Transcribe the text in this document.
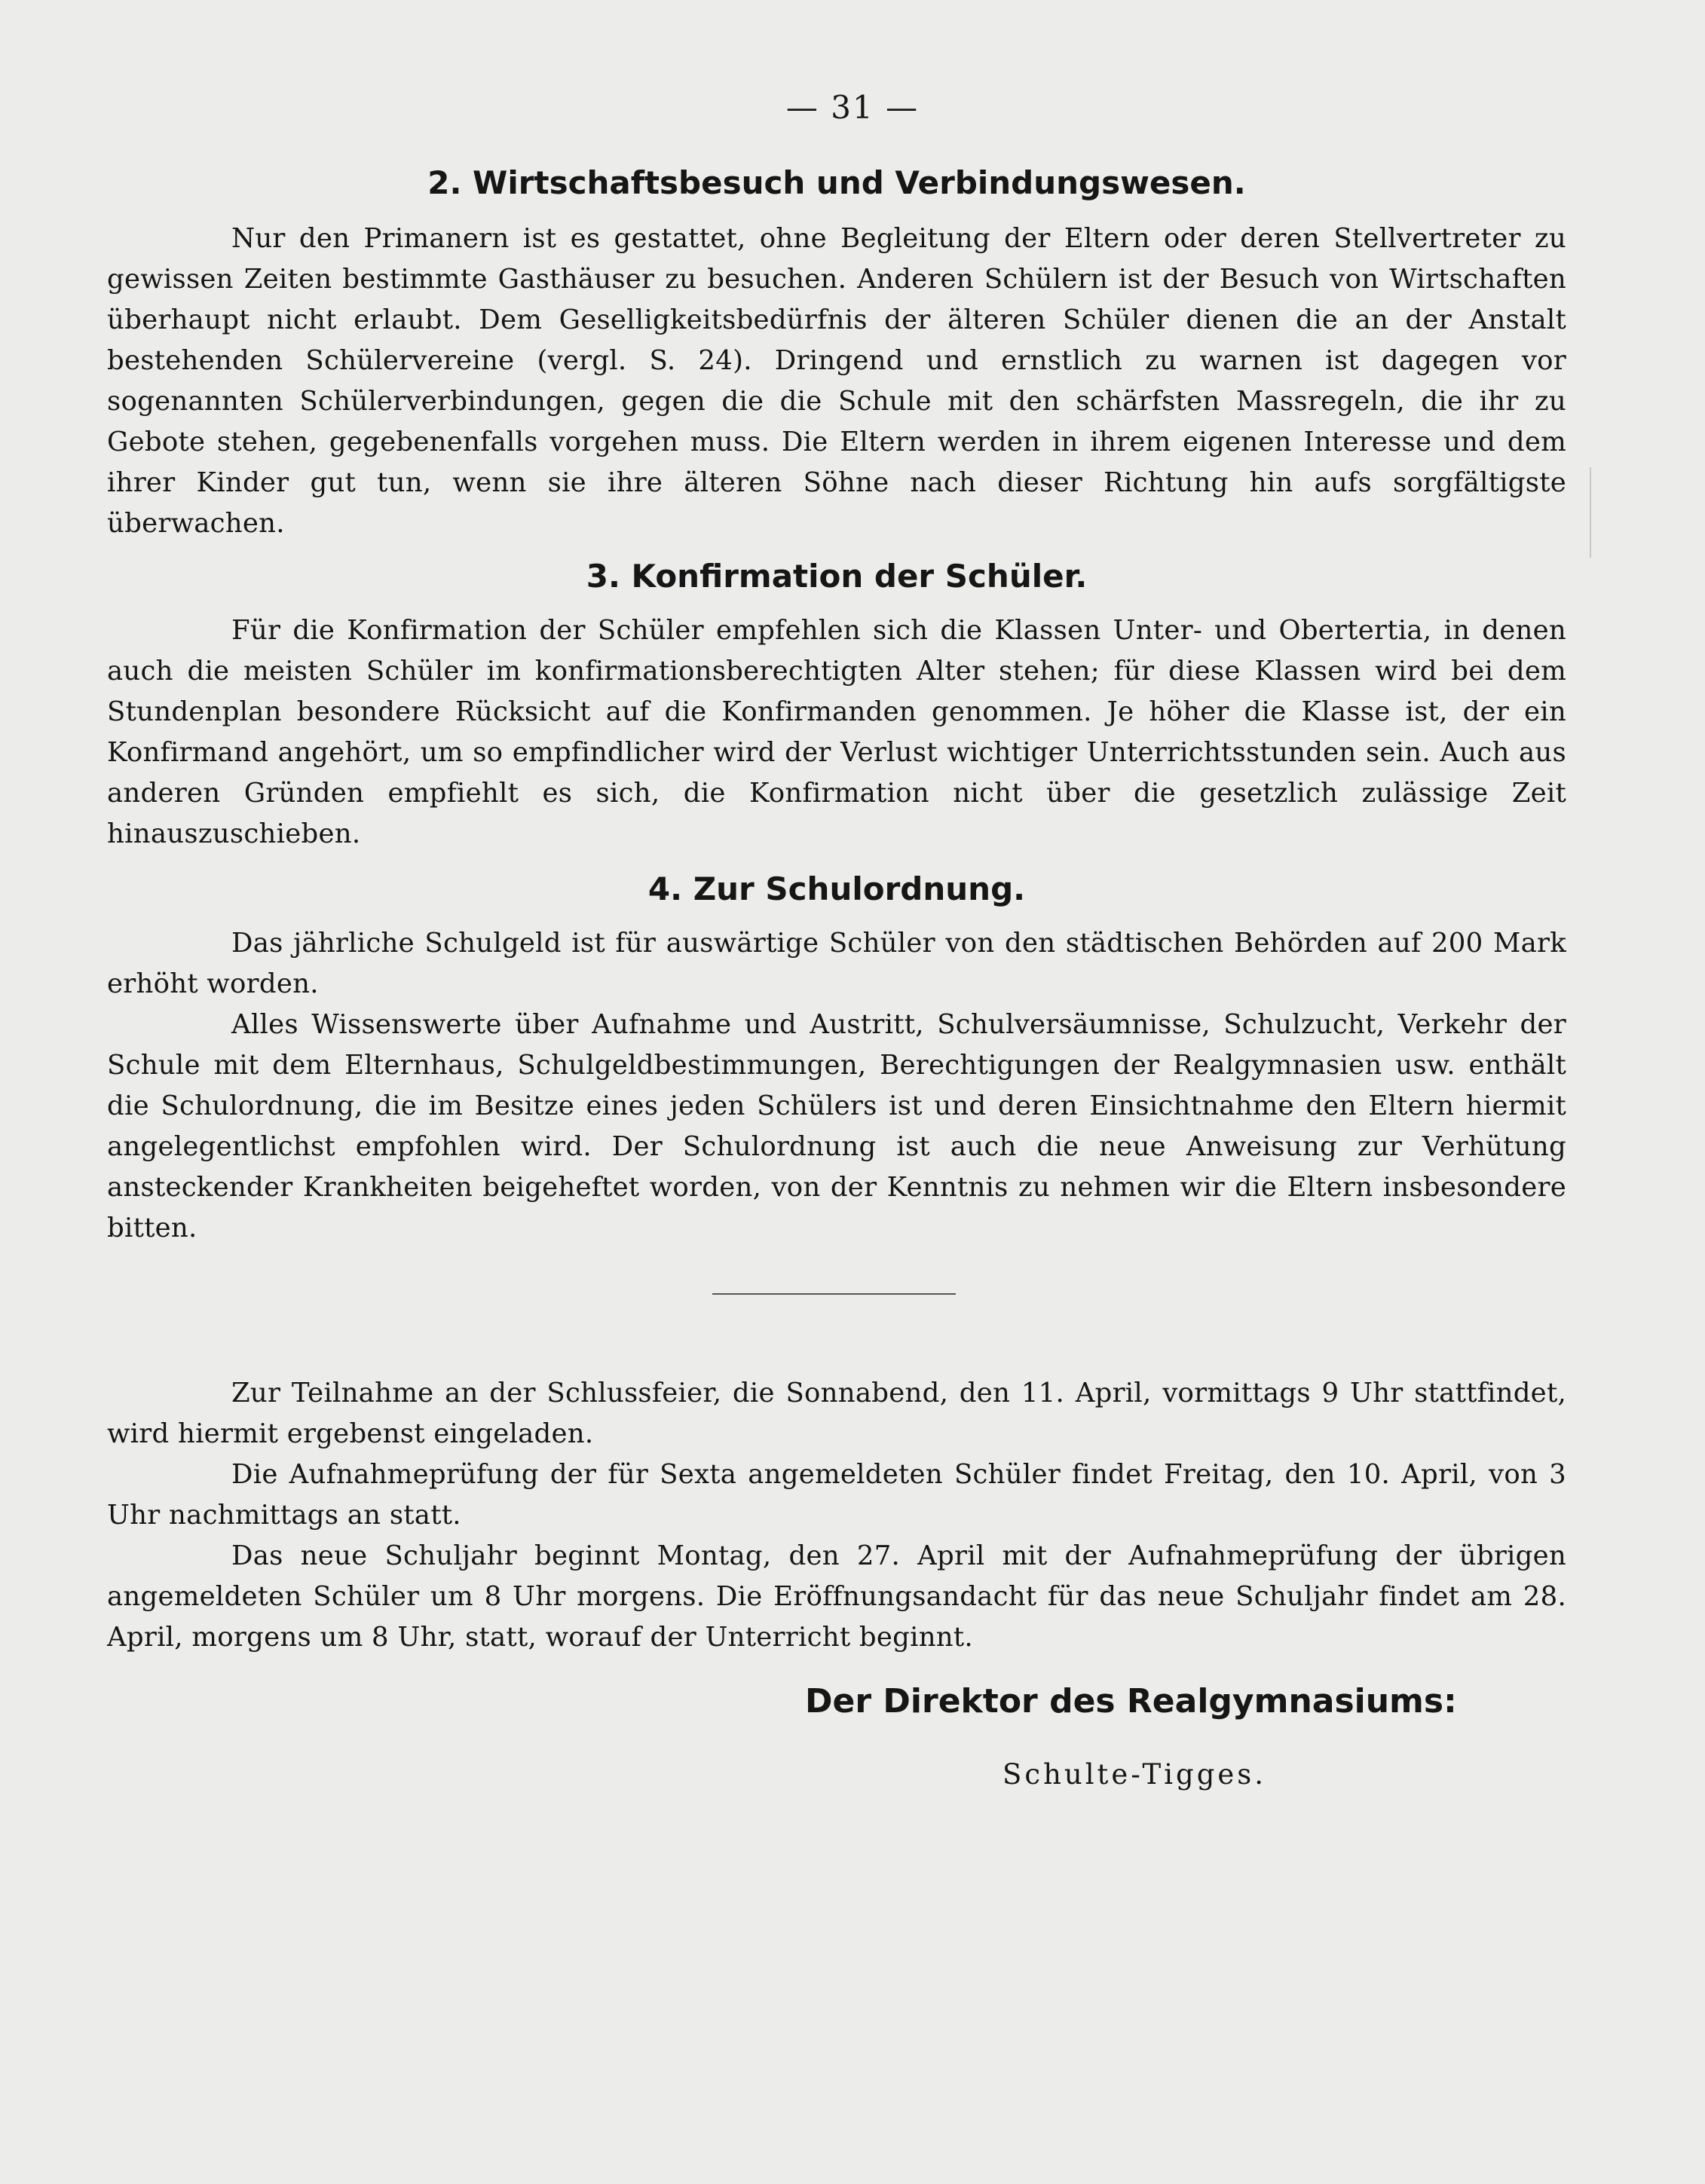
— 31 —
2. Wirtschaftsbesuch und Verbindungswesen.

Nur den Primanern ist es gestattet, ohne Begleitung der Eltern oder deren Stellvertreter zu gewissen Zeiten bestimmte Gasthäuser zu besuchen. Anderen Schülern ist der Besuch von Wirtschaften überhaupt nicht erlaubt. Dem Geselligkeitsbedürfnis der älteren Schüler dienen die an der Anstalt bestehenden Schülervereine (vergl. S. 24). Dringend und ernstlich zu warnen ist dagegen vor sogenannten Schülerverbindungen, gegen die die Schule mit den schärfsten Massregeln, die ihr zu Gebote stehen, gegebenenfalls vorgehen muss. Die Eltern werden in ihrem eigenen Interesse und dem ihrer Kinder gut tun, wenn sie ihre älteren Söhne nach dieser Richtung hin aufs sorgfältigste überwachen.

3. Konfirmation der Schüler.

Für die Konfirmation der Schüler empfehlen sich die Klassen Unter- und Obertertia, in denen auch die meisten Schüler im konfirmationsberechtigten Alter stehen; für diese Klassen wird bei dem Stundenplan besondere Rücksicht auf die Konfirmanden genommen. Je höher die Klasse ist, der ein Konfirmand angehört, um so empfindlicher wird der Verlust wichtiger Unterrichtsstunden sein. Auch aus anderen Gründen empfiehlt es sich, die Konfirmation nicht über die gesetzlich zulässige Zeit hinauszuschieben.

4. Zur Schulordnung.

Das jährliche Schulgeld ist für auswärtige Schüler von den städtischen Behörden auf 200 Mark erhöht worden.

Alles Wissenswerte über Aufnahme und Austritt, Schulversäumnisse, Schulzucht, Verkehr der Schule mit dem Elternhaus, Schulgeldbestimmungen, Berechtigungen der Realgymnasien usw. enthält die Schulordnung, die im Besitze eines jeden Schülers ist und deren Einsichtnahme den Eltern hiermit angelegentlichst empfohlen wird. Der Schulordnung ist auch die neue Anweisung zur Verhütung ansteckender Krankheiten beigeheftet worden, von der Kenntnis zu nehmen wir die Eltern insbesondere bitten.

Zur Teilnahme an der Schlussfeier, die Sonnabend, den 11. April, vormittags 9 Uhr stattfindet, wird hiermit ergebenst eingeladen.

Die Aufnahmeprüfung der für Sexta angemeldeten Schüler findet Freitag, den 10. April, von 3 Uhr nachmittags an statt.

Das neue Schuljahr beginnt Montag, den 27. April mit der Aufnahmeprüfung der übrigen angemeldeten Schüler um 8 Uhr morgens. Die Eröffnungsandacht für das neue Schuljahr findet am 28. April, morgens um 8 Uhr, statt, worauf der Unterricht beginnt.

Der Direktor des Realgymnasiums:
Schulte-Tigges.
